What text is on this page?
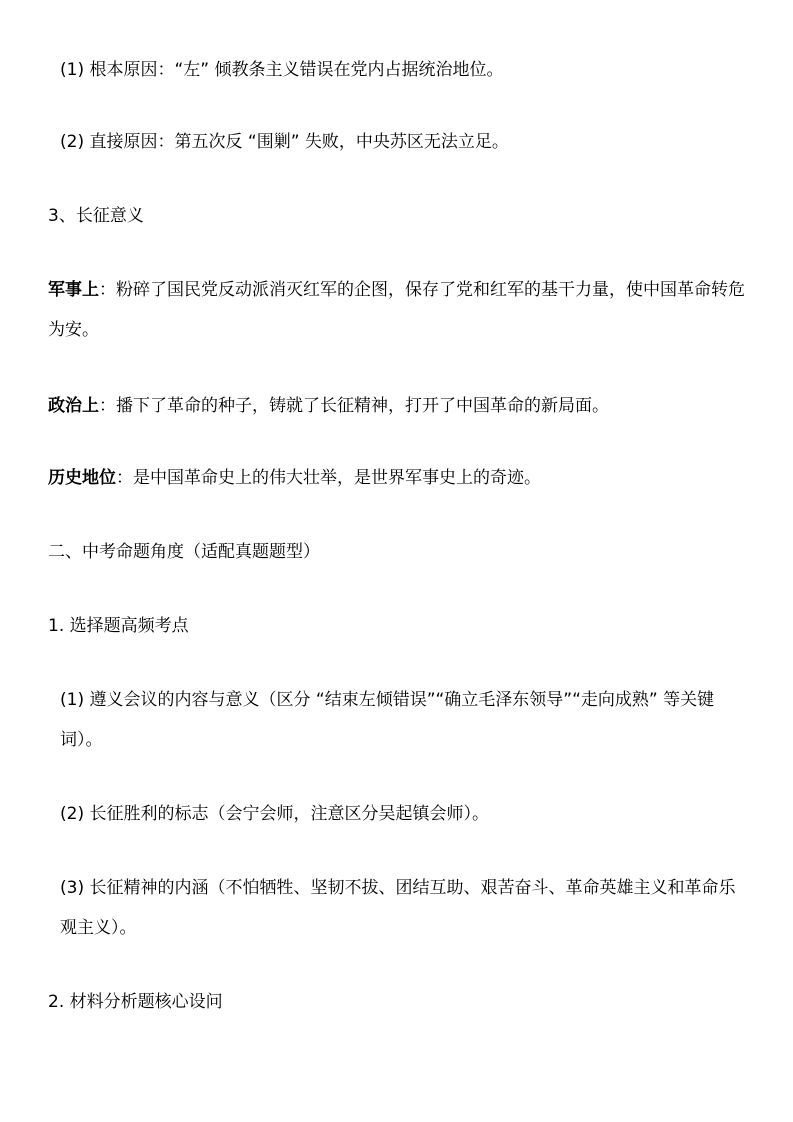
(1) 根本原因：“左” 倾教条主义错误在党内占据统治地位。
(2) 直接原因：第五次反 “围剿” 失败，中央苏区无法立足。
3、长征意义
军事上：粉碎了国民党反动派消灭红军的企图，保存了党和红军的基干力量，使中国革命转危为安。
政治上：播下了革命的种子，铸就了长征精神，打开了中国革命的新局面。
历史地位：是中国革命史上的伟大壮举，是世界军事史上的奇迹。
二、中考命题角度（适配真题题型）
1. 选择题高频考点
(1) 遵义会议的内容与意义（区分 “结束左倾错误”“确立毛泽东领导”“走向成熟” 等关键词）。
(2) 长征胜利的标志（会宁会师，注意区分吴起镇会师）。
(3) 长征精神的内涵（不怕牺牲、坚韧不拔、团结互助、艰苦奋斗、革命英雄主义和革命乐观主义）。
2. 材料分析题核心设问
